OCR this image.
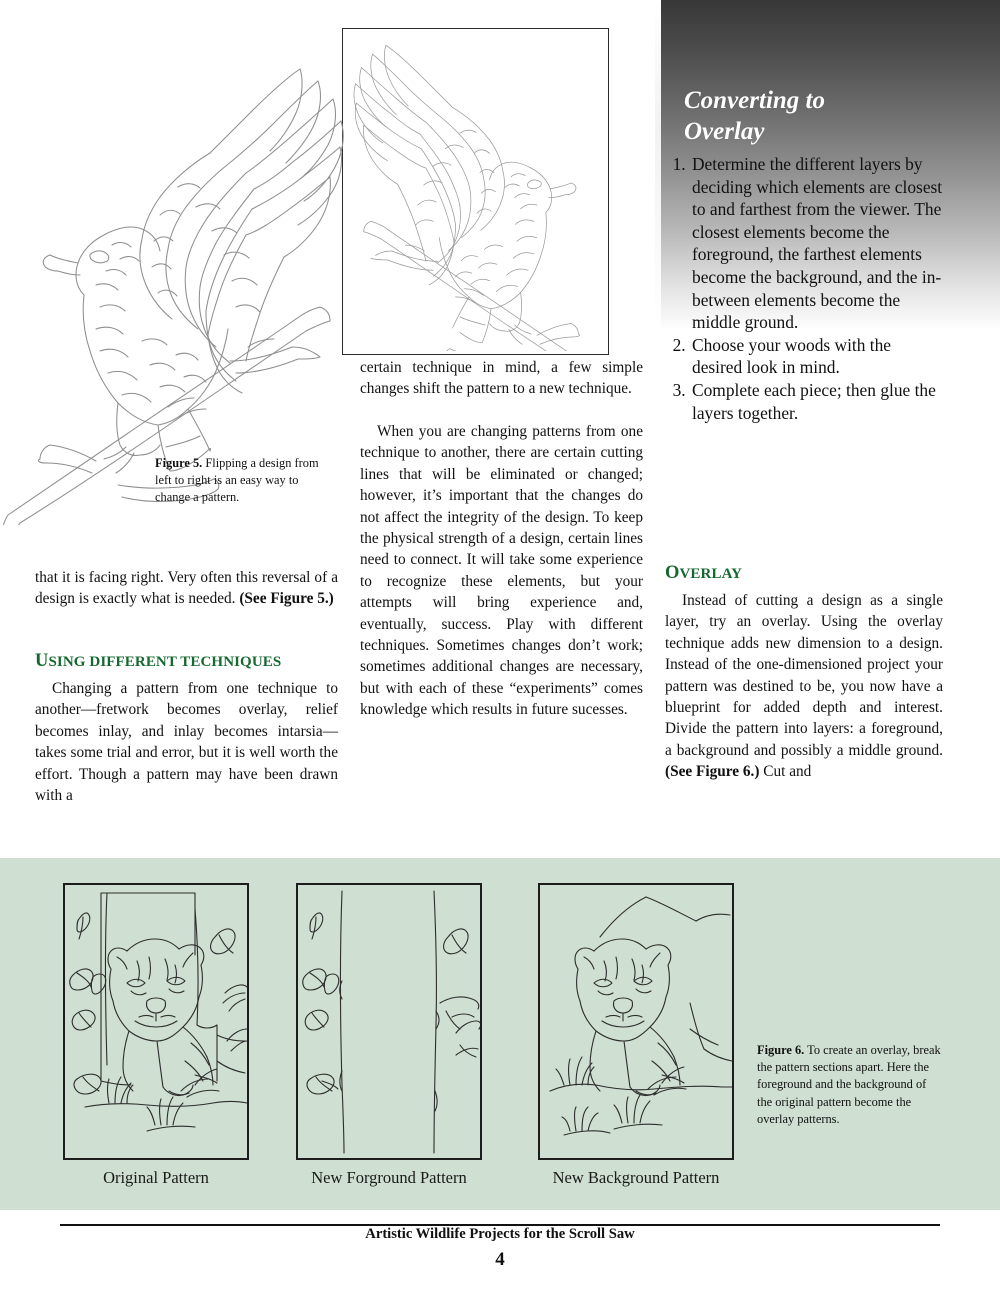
Figure 5. Flipping a design from left to right is an easy way to change a pattern.

that it is facing right. Very often this reversal of a design is exactly what is needed. (See Figure 5.)

USING DIFFERENT TECHNIQUES

Changing a pattern from one technique to another—fretwork becomes overlay, relief becomes inlay, and inlay becomes intarsia—takes some trial and error, but it is well worth the effort. Though a pattern may have been drawn with a

certain technique in mind, a few simple changes shift the pattern to a new technique.

When you are changing patterns from one technique to another, there are certain cutting lines that will be eliminated or changed; however, it’s important that the changes do not affect the integrity of the design. To keep the physical strength of a design, certain lines need to connect. It will take some experience to recognize these elements, but your attempts will bring experience and, eventually, success. Play with different techniques. Sometimes changes don’t work; sometimes additional changes are necessary, but with each of these “experiments” comes knowledge which results in future sucesses.

Converting to
Overlay
1. Determine the different layers by deciding which elements are closest to and farthest from the viewer. The closest elements become the foreground, the farthest elements become the background, and the in-between elements become the middle ground.
2. Choose your woods with the desired look in mind.
3. Complete each piece; then glue the layers together.
OVERLAY

Instead of cutting a design as a single layer, try an overlay. Using the overlay technique adds new dimension to a design. Instead of the one-dimensioned project your pattern was destined to be, you now have a blueprint for added depth and interest. Divide the pattern into layers: a foreground, a background and possibly a middle ground. (See Figure 6.) Cut and

Original Pattern	New Forground Pattern	New Background Pattern
Figure 6. To create an overlay, break the pattern sections apart. Here the foreground and the background of the original pattern become the overlay patterns.
Artistic Wildlife Projects for the Scroll Saw
4
